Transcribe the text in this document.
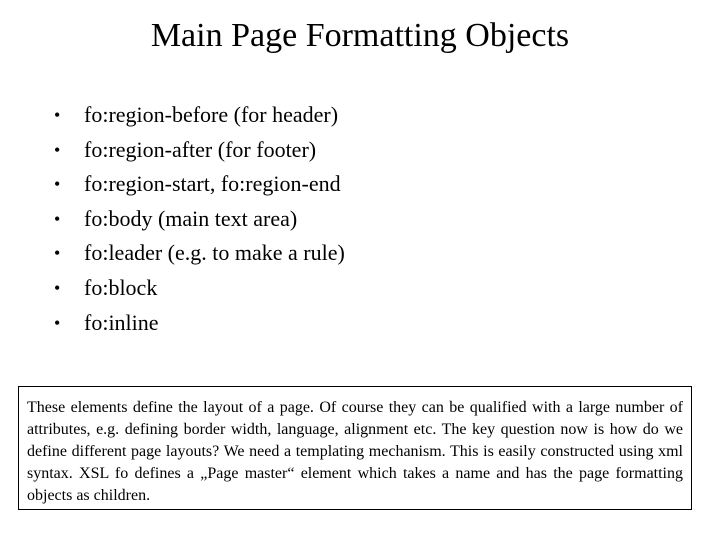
Main Page Formatting Objects
• fo:region-before (for header)
• fo:region-after (for footer)
• fo:region-start, fo:region-end
• fo:body (main text area)
• fo:leader (e.g. to make a rule)
• fo:block
• fo:inline
These elements define the layout of a page. Of course they can be qualified with a large number of attributes, e.g. defining border width, language, alignment etc. The key question now is how do we define different page layouts? We need a templating mechanism. This is easily constructed using xml syntax. XSL fo defines a „Page master“ element which takes a name and has the page formatting objects as children.
